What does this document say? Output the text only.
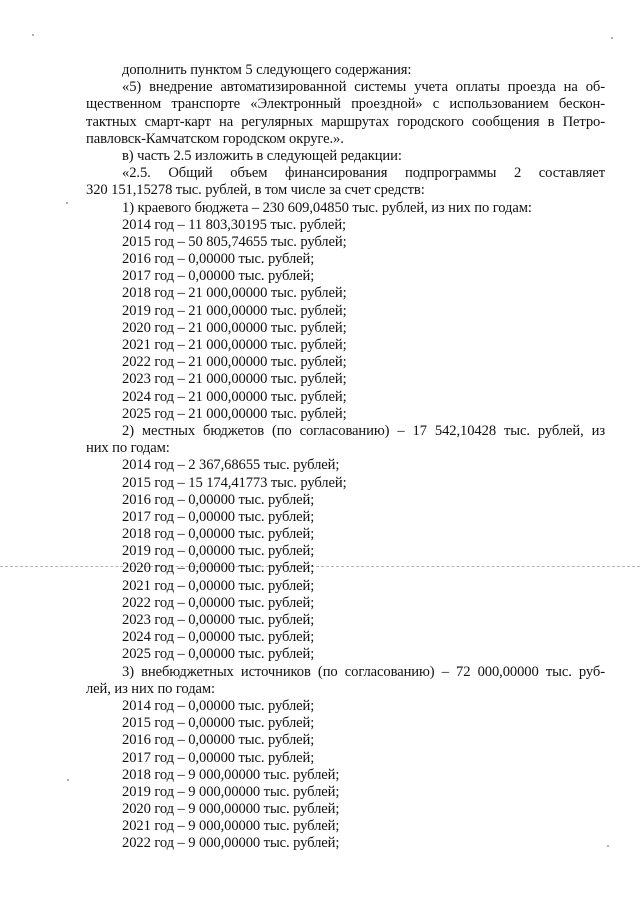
дополнить пунктом 5 следующего содержания:
«5) внедрение автоматизированной системы учета оплаты проезда на об-
щественном транспорте «Электронный проездной» с использованием бескон-
тактных смарт-карт на регулярных маршрутах городского сообщения в Петро-
павловск-Камчатском городском округе.».
в) часть 2.5 изложить в следующей редакции:
«2.5. Общий объем финансирования подпрограммы 2 составляет
320 151,15278 тыс. рублей, в том числе за счет средств:
1) краевого бюджета – 230 609,04850 тыс. рублей, из них по годам:
2014 год – 11 803,30195 тыс. рублей;
2015 год – 50 805,74655 тыс. рублей;
2016 год – 0,00000 тыс. рублей;
2017 год – 0,00000 тыс. рублей;
2018 год – 21 000,00000 тыс. рублей;
2019 год – 21 000,00000 тыс. рублей;
2020 год – 21 000,00000 тыс. рублей;
2021 год – 21 000,00000 тыс. рублей;
2022 год – 21 000,00000 тыс. рублей;
2023 год – 21 000,00000 тыс. рублей;
2024 год – 21 000,00000 тыс. рублей;
2025 год – 21 000,00000 тыс. рублей;
2) местных бюджетов (по согласованию) – 17 542,10428 тыс. рублей, из
них по годам:
2014 год – 2 367,68655 тыс. рублей;
2015 год – 15 174,41773 тыс. рублей;
2016 год – 0,00000 тыс. рублей;
2017 год – 0,00000 тыс. рублей;
2018 год – 0,00000 тыс. рублей;
2019 год – 0,00000 тыс. рублей;
2020 год – 0,00000 тыс. рублей;
2021 год – 0,00000 тыс. рублей;
2022 год – 0,00000 тыс. рублей;
2023 год – 0,00000 тыс. рублей;
2024 год – 0,00000 тыс. рублей;
2025 год – 0,00000 тыс. рублей;
3) внебюджетных источников (по согласованию) – 72 000,00000 тыс. руб-
лей, из них по годам:
2014 год – 0,00000 тыс. рублей;
2015 год – 0,00000 тыс. рублей;
2016 год – 0,00000 тыс. рублей;
2017 год – 0,00000 тыс. рублей;
2018 год – 9 000,00000 тыс. рублей;
2019 год – 9 000,00000 тыс. рублей;
2020 год – 9 000,00000 тыс. рублей;
2021 год – 9 000,00000 тыс. рублей;
2022 год – 9 000,00000 тыс. рублей;
